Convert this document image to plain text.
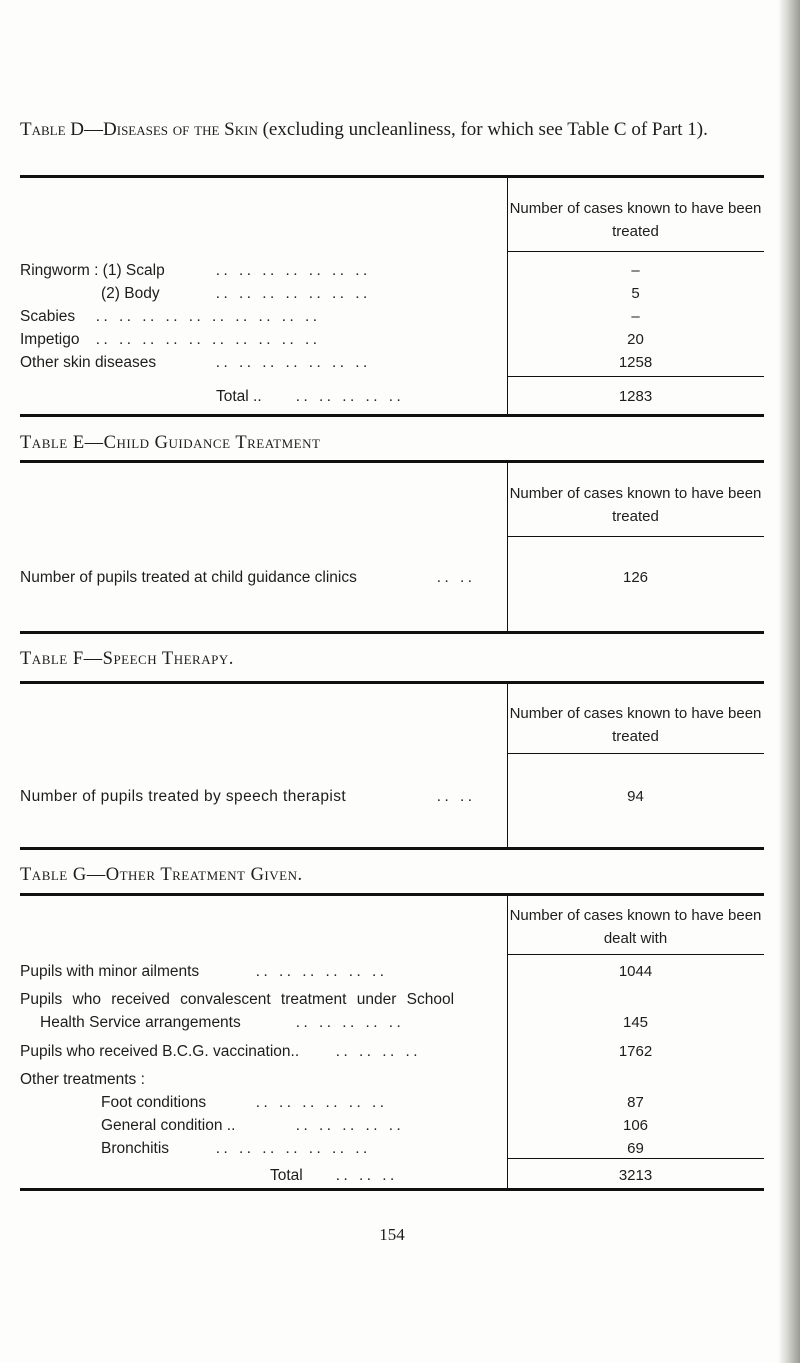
Table D—Diseases of the Skin (excluding uncleanliness, for which see Table C of Part 1).
Number of cases known to have been treated
Ringworm : (1) Scalp	.. .. .. .. .. .. ..	–
(2) Body	.. .. .. .. .. .. ..	5
Scabies .. .. .. .. .. .. .. .. .. ..	–
Impetigo .. .. .. .. .. .. .. .. .. ..	20
Other skin diseases	.. .. .. .. .. .. ..	1258
Total .. .. .. .. .. ..	1283
Table E—Child Guidance Treatment
Number of cases known to have been treated
Number of pupils treated at child guidance clinics	.. ..	126
Table F—Speech Therapy.
Number of cases known to have been treated
Number of pupils treated by speech therapist	.. ..	94
Table G—Other Treatment Given.
Number of cases known to have been dealt with
Pupils with minor ailments	.. .. .. .. .. ..	1044
Pupils who received convalescent treatment under School
Health Service arrangements	.. .. .. .. ..	145
Pupils who received B.C.G. vaccination.. .. .. .. ..	1762
Other treatments :
Foot conditions	.. .. .. .. .. ..	87
General condition ..	.. .. .. .. ..	106
Bronchitis	.. .. .. .. .. .. ..	69
Total .. .. ..	3213
154
